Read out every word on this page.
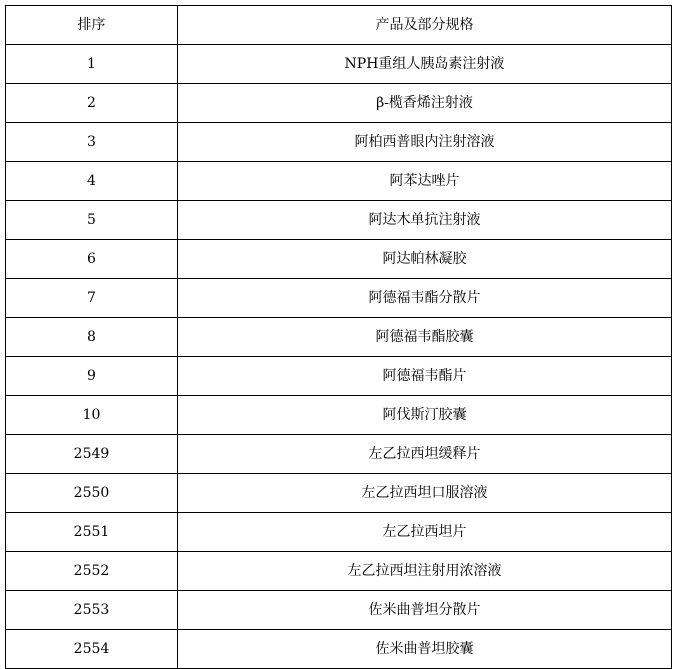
排序	产品及部分规格
1	NPH重组人胰岛素注射液
2	β-榄香烯注射液
3	阿柏西普眼内注射溶液
4	阿苯达唑片
5	阿达木单抗注射液
6	阿达帕林凝胶
7	阿德福韦酯分散片
8	阿德福韦酯胶囊
9	阿德福韦酯片
10	阿伐斯汀胶囊
2549	左乙拉西坦缓释片
2550	左乙拉西坦口服溶液
2551	左乙拉西坦片
2552	左乙拉西坦注射用浓溶液
2553	佐米曲普坦分散片
2554	佐米曲普坦胶囊
